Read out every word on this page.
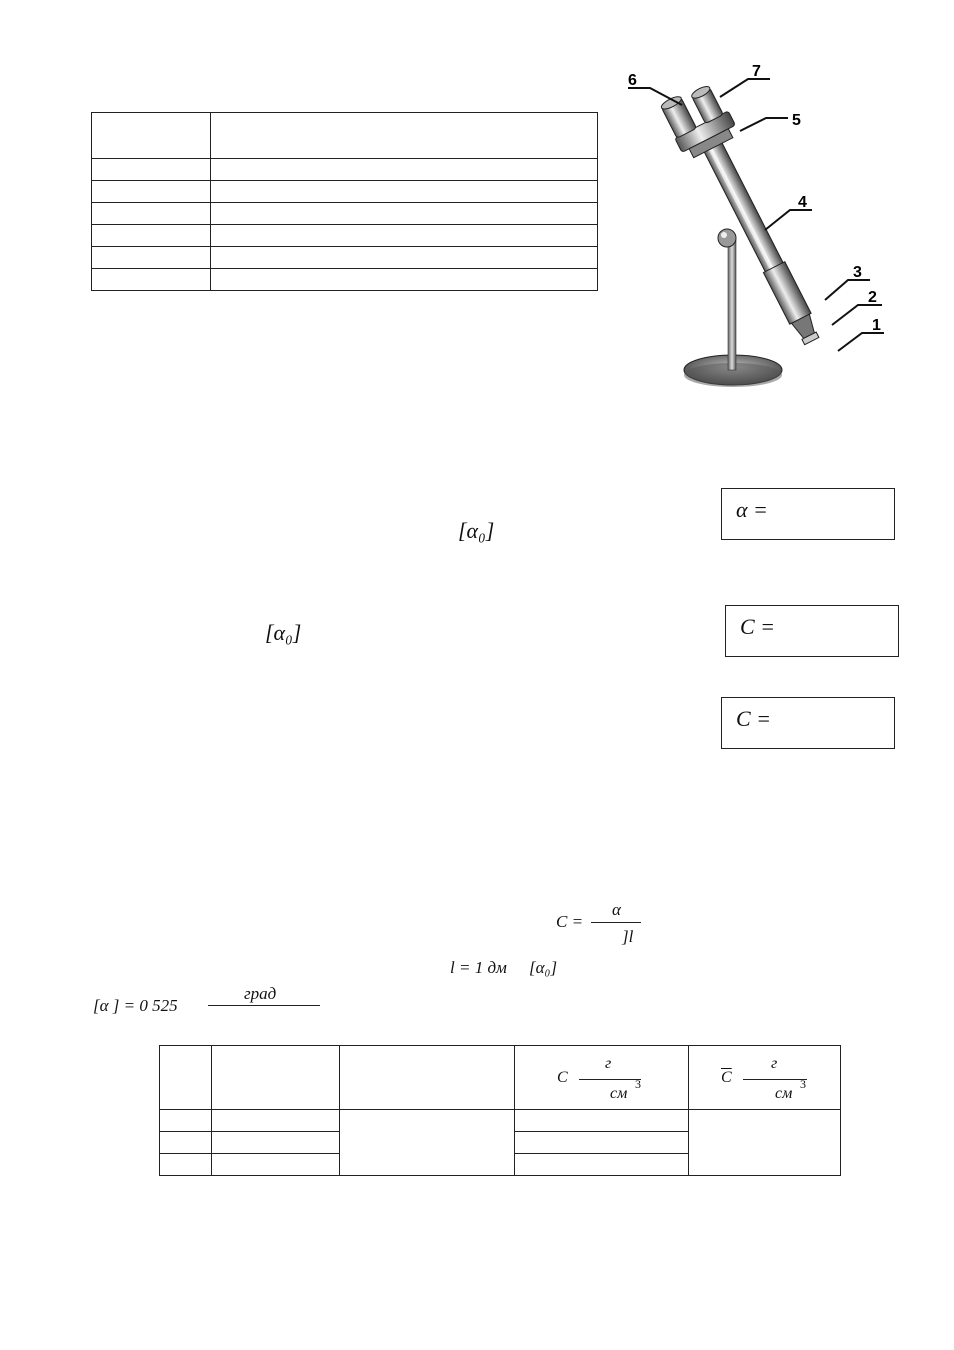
6
7
5
4
3
2
1
[α₀]
[α₀]
α =
C =
C =
C =
α
]l
l = 1 дм [α₀]
[α ] = 0 525
град

			C
г
см
3	$\overline{C}$
г
см
3
